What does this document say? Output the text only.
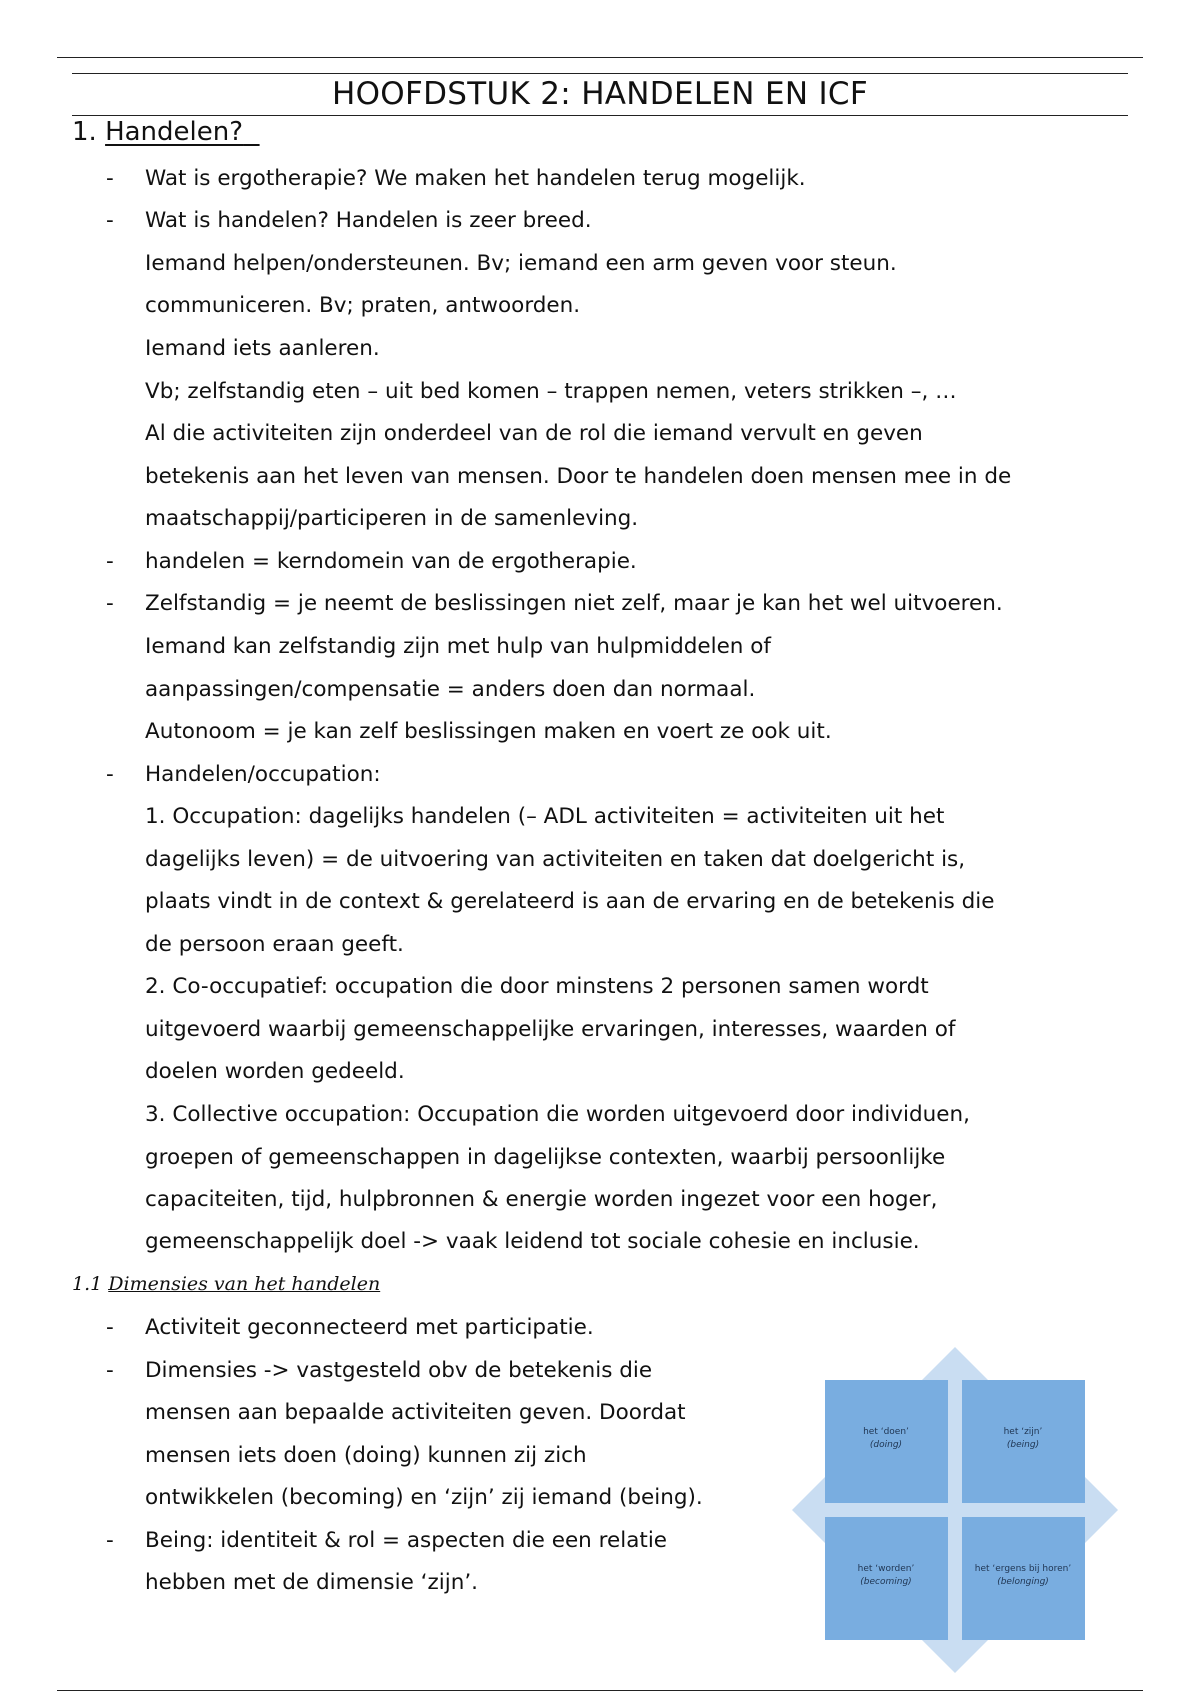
HOOFDSTUK 2: HANDELEN EN ICF
1. Handelen?
-
-
-
-
-
Wat is ergotherapie? We maken het handelen terug mogelijk.
Wat is handelen? Handelen is zeer breed.
Iemand helpen/ondersteunen. Bv; iemand een arm geven voor steun.
communiceren. Bv; praten, antwoorden.
Iemand iets aanleren.
Vb; zelfstandig eten – uit bed komen – trappen nemen, veters strikken –, …
Al die activiteiten zijn onderdeel van de rol die iemand vervult en geven
betekenis aan het leven van mensen. Door te handelen doen mensen mee in de
maatschappij/participeren in de samenleving.
handelen = kerndomein van de ergotherapie.
Zelfstandig = je neemt de beslissingen niet zelf, maar je kan het wel uitvoeren.
Iemand kan zelfstandig zijn met hulp van hulpmiddelen of
aanpassingen/compensatie = anders doen dan normaal.
Autonoom = je kan zelf beslissingen maken en voert ze ook uit.
Handelen/occupation:
1. Occupation: dagelijks handelen (– ADL activiteiten = activiteiten uit het
dagelijks leven) = de uitvoering van activiteiten en taken dat doelgericht is,
plaats vindt in de context & gerelateerd is aan de ervaring en de betekenis die
de persoon eraan geeft.
2. Co-occupatief: occupation die door minstens 2 personen samen wordt
uitgevoerd waarbij gemeenschappelijke ervaringen, interesses, waarden of
doelen worden gedeeld.
3. Collective occupation: Occupation die worden uitgevoerd door individuen,
groepen of gemeenschappen in dagelijkse contexten, waarbij persoonlijke
capaciteiten, tijd, hulpbronnen & energie worden ingezet voor een hoger,
gemeenschappelijk doel -> vaak leidend tot sociale cohesie en inclusie.
1.1 Dimensies van het handelen
-
-
-
Activiteit geconnecteerd met participatie.
Dimensies -> vastgesteld obv de betekenis die
mensen aan bepaalde activiteiten geven. Doordat
mensen iets doen (doing) kunnen zij zich
ontwikkelen (becoming) en ‘zijn’ zij iemand (being).
Being: identiteit & rol = aspecten die een relatie
hebben met de dimensie ‘zijn’.
het ‘doen’
(doing)
het ‘zijn’
(being)
het ‘worden’
(becoming)
het ‘ergens bij horen’
(belonging)
